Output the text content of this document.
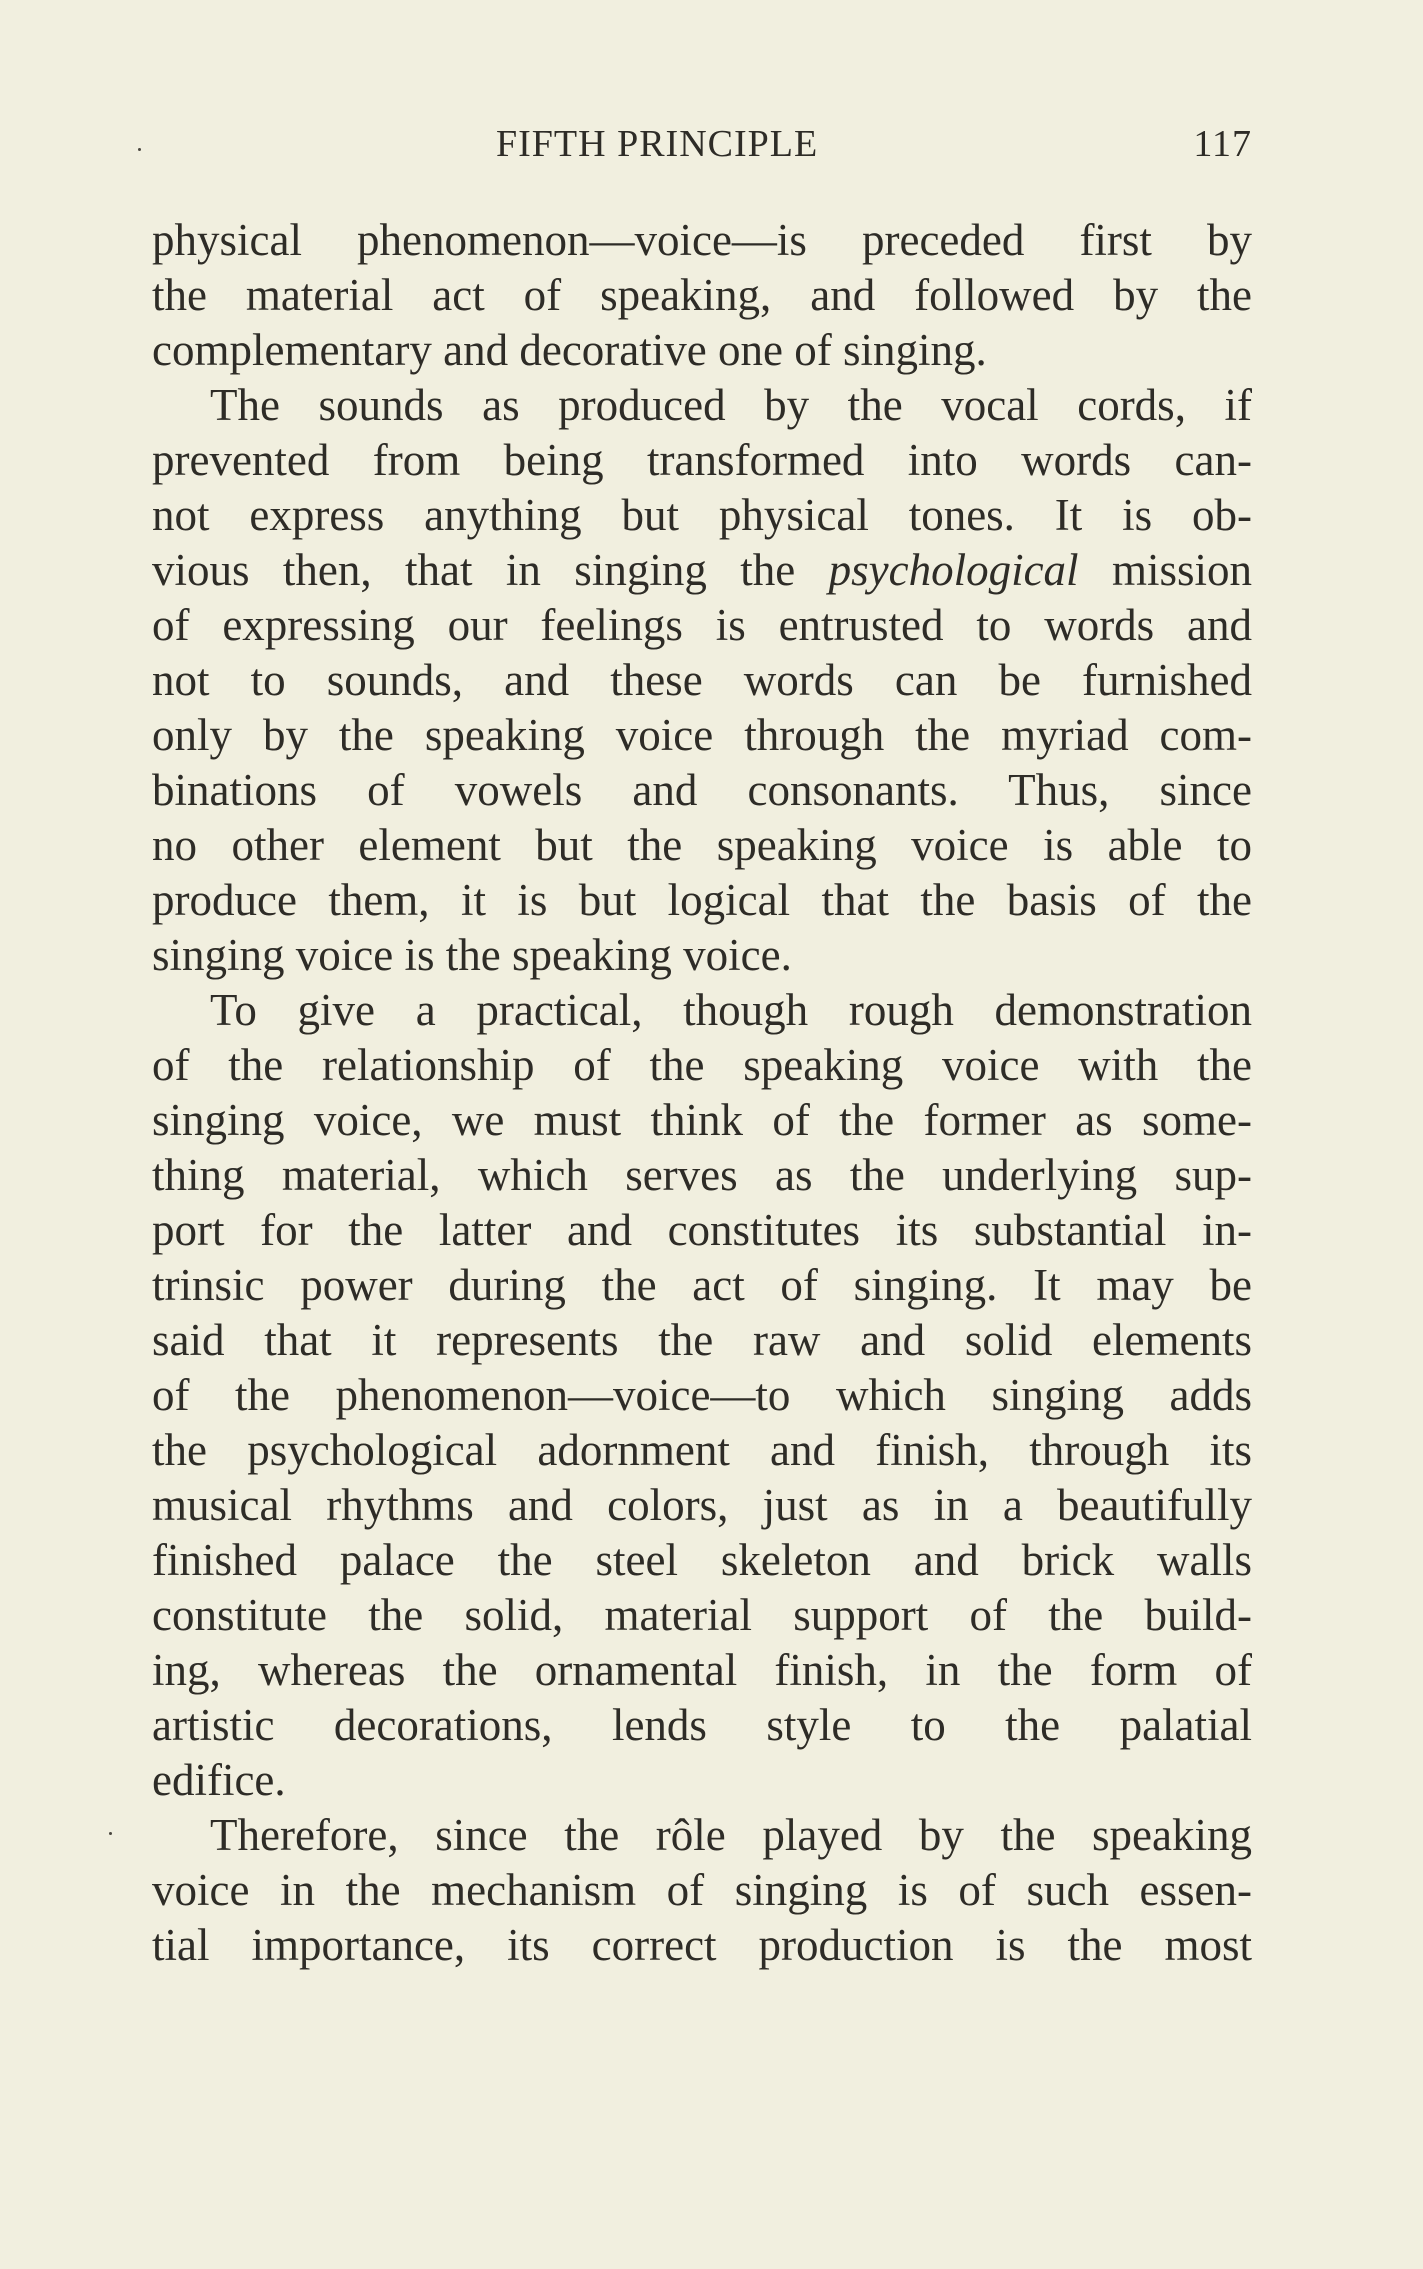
FIFTH PRINCIPLE	117
physical phenomenon—voice—is preceded first by
the material act of speaking, and followed by the
complementary and decorative one of singing.
The sounds as produced by the vocal cords, if
prevented from being transformed into words can-
not express anything but physical tones. It is ob-
vious then, that in singing the psychological mission
of expressing our feelings is entrusted to words and
not to sounds, and these words can be furnished
only by the speaking voice through the myriad com-
binations of vowels and consonants. Thus, since
no other element but the speaking voice is able to
produce them, it is but logical that the basis of the
singing voice is the speaking voice.
To give a practical, though rough demonstration
of the relationship of the speaking voice with the
singing voice, we must think of the former as some-
thing material, which serves as the underlying sup-
port for the latter and constitutes its substantial in-
trinsic power during the act of singing. It may be
said that it represents the raw and solid elements
of the phenomenon—voice—to which singing adds
the psychological adornment and finish, through its
musical rhythms and colors, just as in a beautifully
finished palace the steel skeleton and brick walls
constitute the solid, material support of the build-
ing, whereas the ornamental finish, in the form of
artistic decorations, lends style to the palatial
edifice.
Therefore, since the rôle played by the speaking
voice in the mechanism of singing is of such essen-
tial importance, its correct production is the most
